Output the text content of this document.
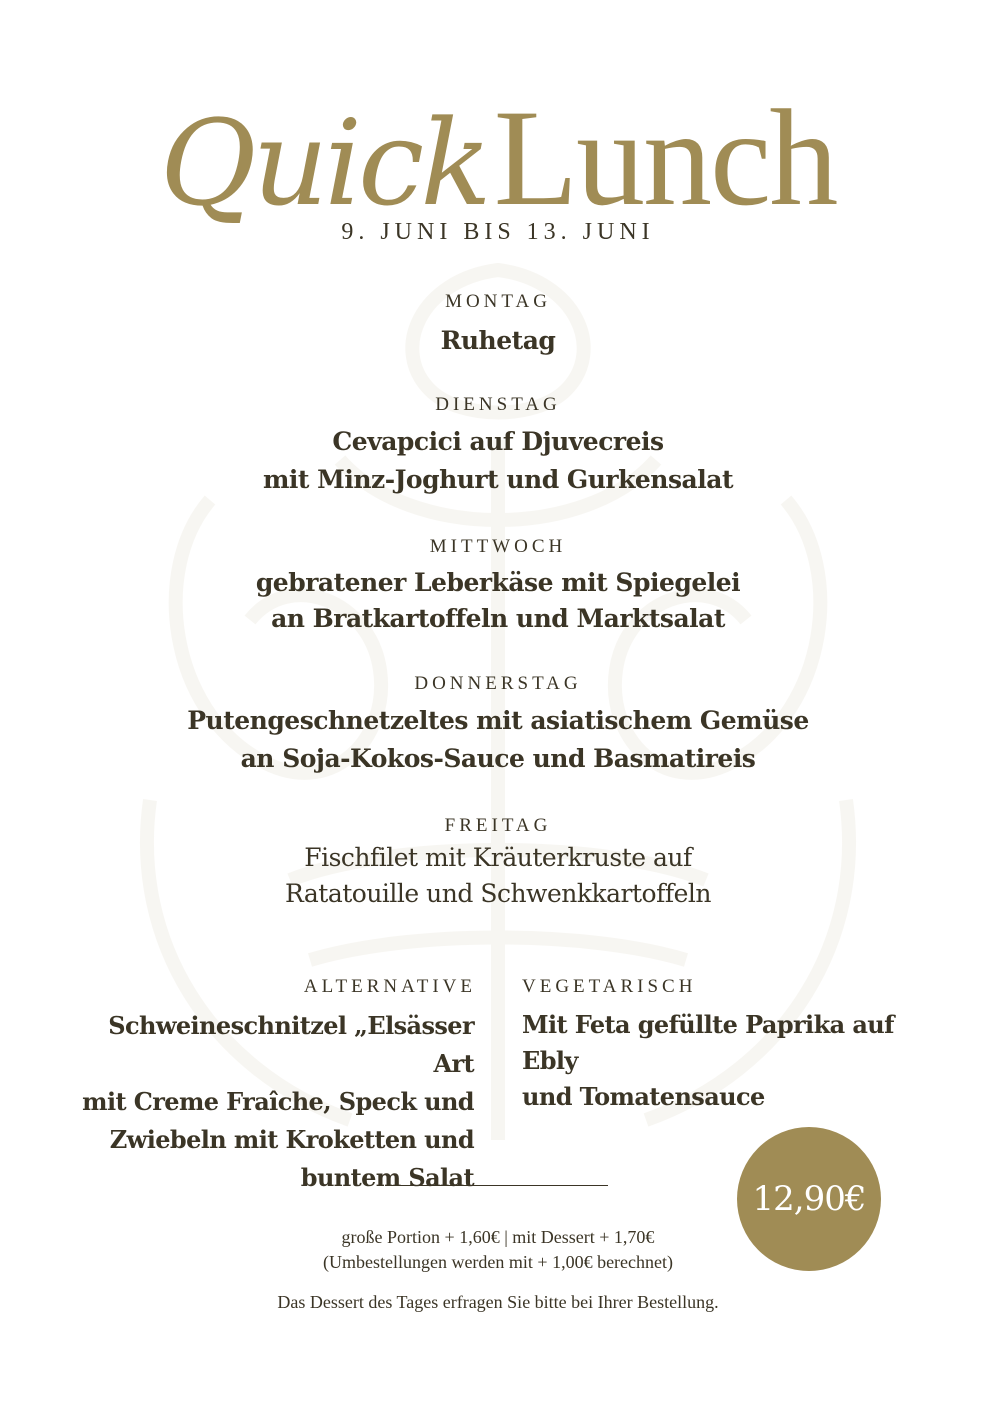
QuickLunch
9. JUNI BIS 13. JUNI
MONTAG
Ruhetag
DIENSTAG
Cevapcici auf Djuvecreis
mit Minz-Joghurt und Gurkensalat
MITTWOCH
gebratener Leberkäse mit Spiegelei
an Bratkartoffeln und Marktsalat
DONNERSTAG
Putengeschnetzeltes mit asiatischem Gemüse
an Soja-Kokos-Sauce und Basmatireis
FREITAG
Fischfilet mit Kräuterkruste auf
Ratatouille und Schwenkkartoffeln
ALTERNATIVE VEGETARISCH
Schweineschnitzel „Elsässer Art
mit Creme Fraîche, Speck und
Zwiebeln mit Kroketten und
buntem Salat
Mit Feta gefüllte Paprika auf Ebly
und Tomatensauce
12,90€
große Portion + 1,60€ | mit Dessert + 1,70€
(Umbestellungen werden mit + 1,00€ berechnet)
Das Dessert des Tages erfragen Sie bitte bei Ihrer Bestellung.
